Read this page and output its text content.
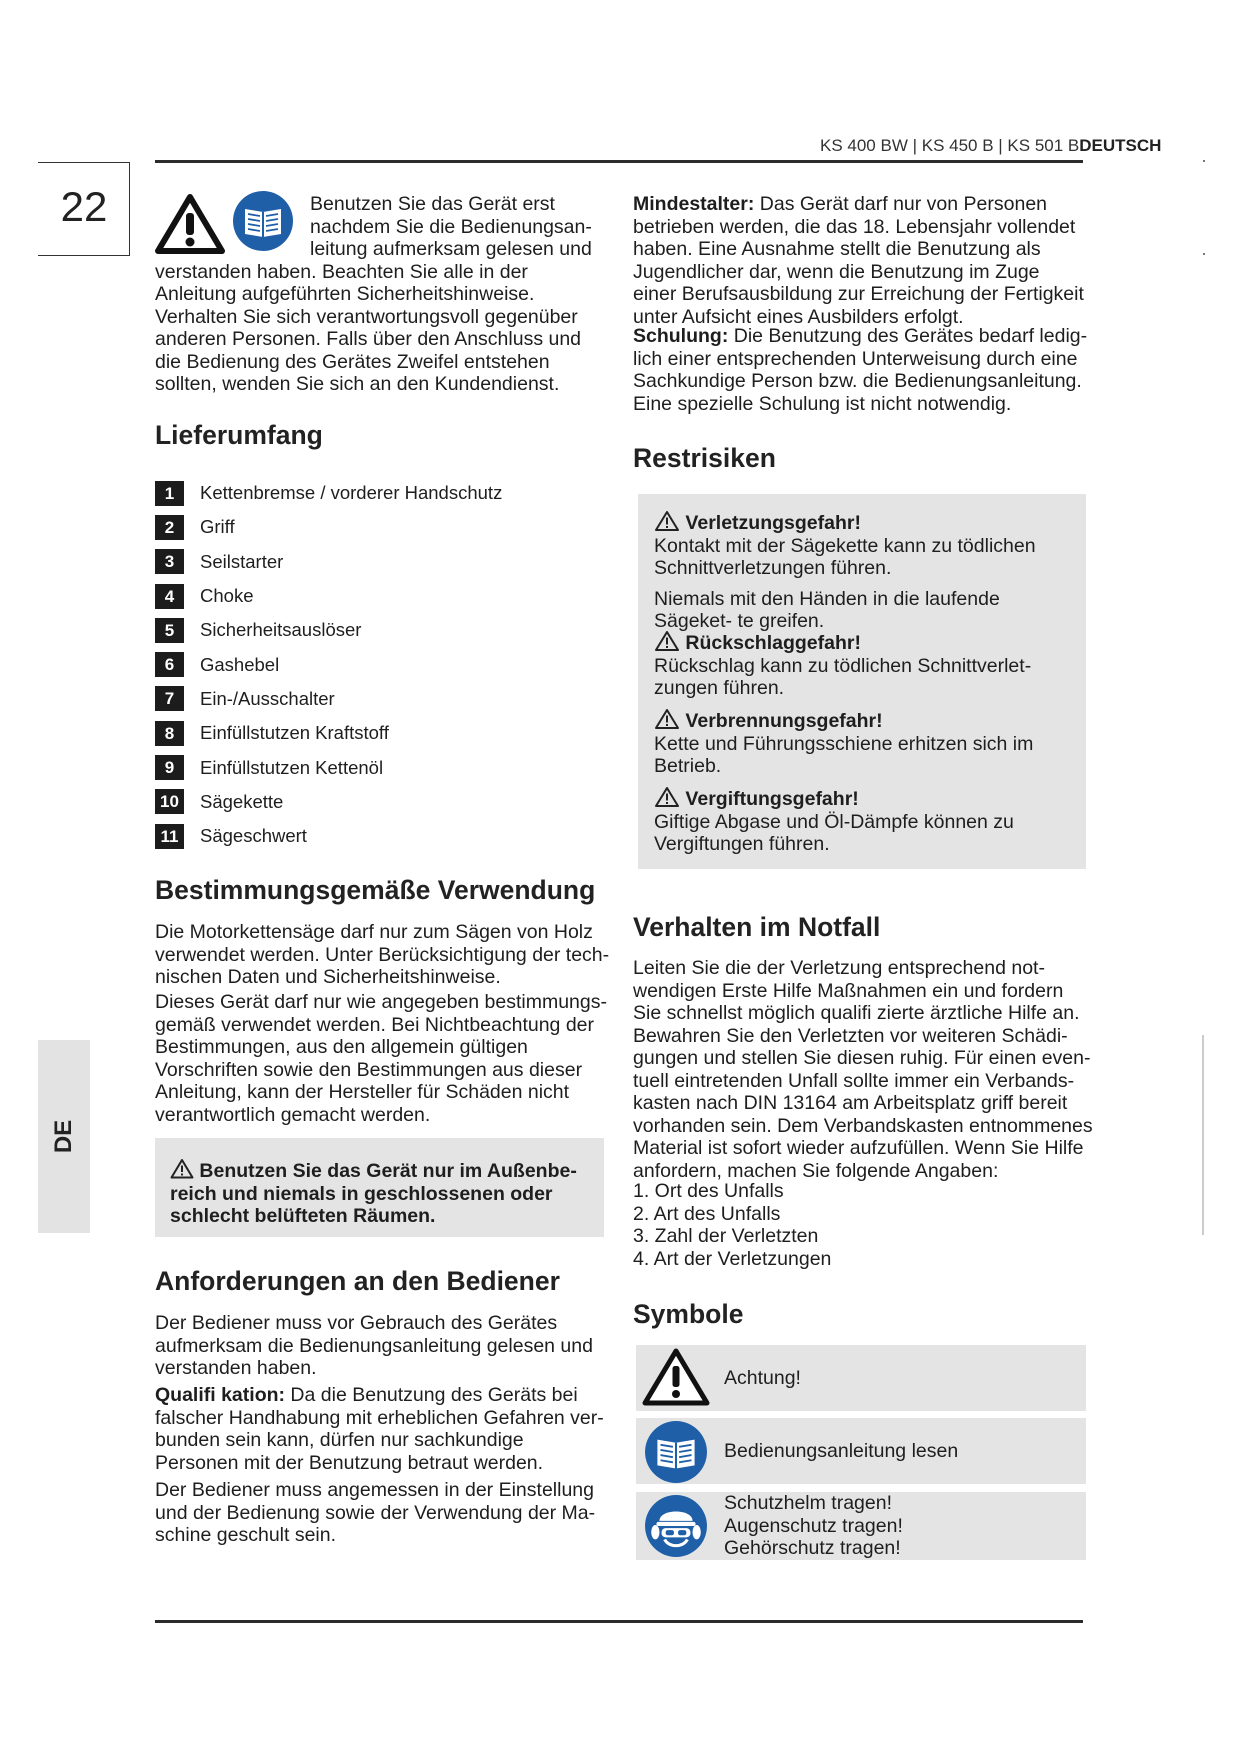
KS 400 BW | KS 450 B | KS 501 BDEUTSCH
22
DE
Benutzen Sie das Gerät erst nachdem Sie die Bedienungsan- leitung aufmerksam gelesen und verstanden haben. Beachten Sie alle in der Anleitung aufgeführten Sicherheitshinweise. Verhalten Sie sich verantwortungsvoll gegenüber anderen Personen. Falls über den Anschluss und die Bedienung des Gerätes Zweifel entstehen sollten, wenden Sie sich an den Kundendienst.
Lieferumfang
1	Kettenbremse / vorderer Handschutz
2	Griff
3	Seilstarter
4	Choke
5	Sicherheitsauslöser
6	Gashebel
7	Ein-/Ausschalter
8	Einfüllstutzen Kraftstoff
9	Einfüllstutzen Kettenöl
10 Sägekette
11 Sägeschwert
Bestimmungsgemäße Verwendung

Die Motorkettensäge darf nur zum Sägen von Holz verwendet werden. Unter Berücksichtigung der tech- nischen Daten und Sicherheitshinweise.

Dieses Gerät darf nur wie angegeben bestimmungs- gemäß verwendet werden. Bei Nichtbeachtung der Bestimmungen, aus den allgemein gültigen Vorschriften sowie den Bestimmungen aus dieser Anleitung, kann der Hersteller für Schäden nicht verantwortlich gemacht werden.

Benutzen Sie das Gerät nur im Außenbe- reich und niemals in geschlossenen oder schlecht belüfteten Räumen.
Anforderungen an den Bediener

Der Bediener muss vor Gebrauch des Gerätes aufmerksam die Bedienungsanleitung gelesen und verstanden haben.

Qualifi kation: Da die Benutzung des Geräts bei falscher Handhabung mit erheblichen Gefahren ver- bunden sein kann, dürfen nur sachkundige Personen mit der Benutzung betraut werden.

Der Bediener muss angemessen in der Einstellung und der Bedienung sowie der Verwendung der Ma- schine geschult sein.

Mindestalter: Das Gerät darf nur von Personen betrieben werden, die das 18. Lebensjahr vollendet haben. Eine Ausnahme stellt die Benutzung als Jugendlicher dar, wenn die Benutzung im Zuge einer Berufsausbildung zur Erreichung der Fertigkeit unter Aufsicht eines Ausbilders erfolgt.

Schulung: Die Benutzung des Gerätes bedarf ledig- lich einer entsprechenden Unterweisung durch eine Sachkundige Person bzw. die Bedienungsanleitung. Eine spezielle Schulung ist nicht notwendig.

Restrisiken
Verletzungsgefahr!
Kontakt mit der Sägekette kann zu tödlichen Schnittverletzungen führen.
Niemals mit den Händen in die laufende Sägeket- te greifen.
Rückschlaggefahr!
Rückschlag kann zu tödlichen Schnittverlet- zungen führen.
Verbrennungsgefahr!
Kette und Führungsschiene erhitzen sich im Betrieb.
Vergiftungsgefahr!
Giftige Abgase und Öl-Dämpfe können zu Vergiftungen führen.
Verhalten im Notfall

Leiten Sie die der Verletzung entsprechend not- wendigen Erste Hilfe Maßnahmen ein und fordern Sie schnellst möglich qualifi zierte ärztliche Hilfe an. Bewahren Sie den Verletzten vor weiteren Schädi- gungen und stellen Sie diesen ruhig. Für einen even- tuell eintretenden Unfall sollte immer ein Verbands- kasten nach DIN 13164 am Arbeitsplatz griff bereit vorhanden sein. Dem Verbandskasten entnommenes Material ist sofort wieder aufzufüllen. Wenn Sie Hilfe anfordern, machen Sie folgende Angaben:

1. Ort des Unfalls
2. Art des Unfalls
3. Zahl der Verletzten
4. Art der Verletzungen
Symbole
Achtung!
Bedienungsanleitung lesen
Schutzhelm tragen!
Augenschutz tragen!
Gehörschutz tragen!
